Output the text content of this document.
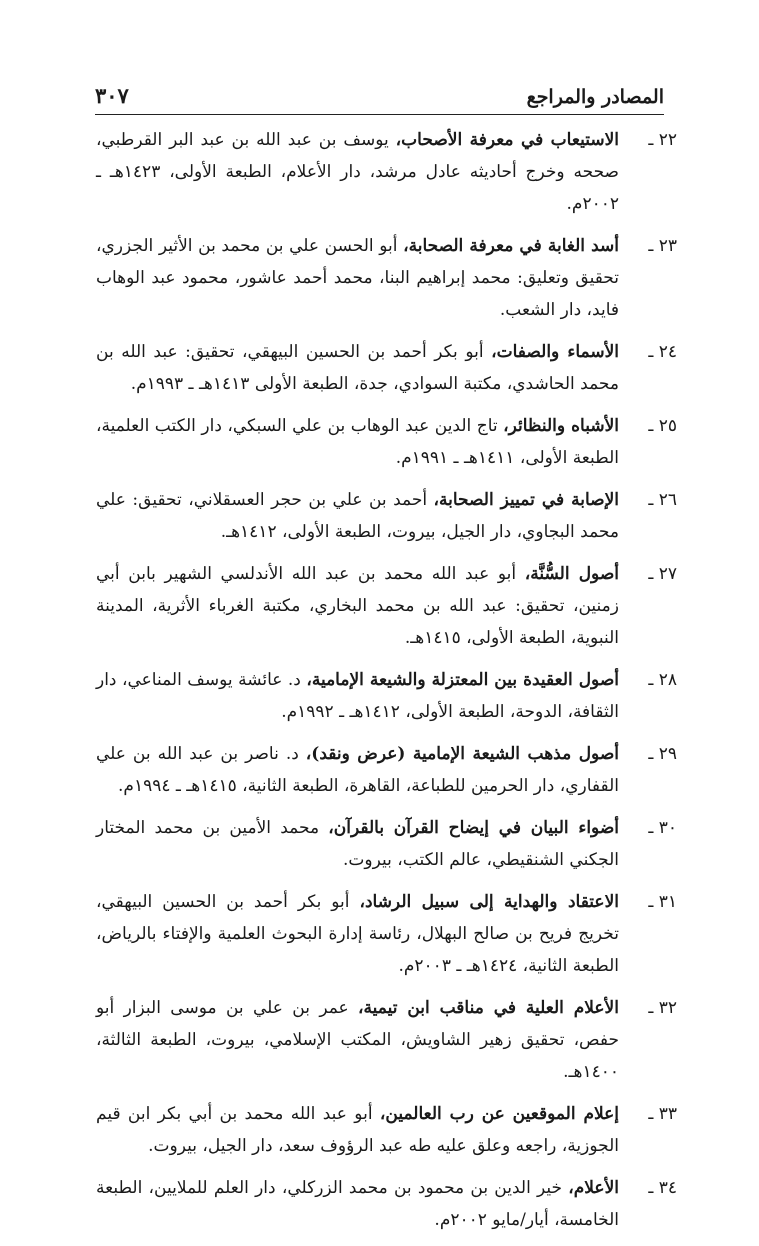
المصادر والمراجع
٣٠٧
٢٢ ـ
الاستيعاب في معرفة الأصحاب، يوسف بن عبد الله بن عبد البر القرطبي، صححه وخرج أحاديثه عادل مرشد، دار الأعلام، الطبعة الأولى، ١٤٢٣هـ ـ ٢٠٠٢م.
٢٣ ـ
أسد الغابة في معرفة الصحابة، أبو الحسن علي بن محمد بن الأثير الجزري، تحقيق وتعليق: محمد إبراهيم البنا، محمد أحمد عاشور، محمود عبد الوهاب فايد، دار الشعب.
٢٤ ـ
الأسماء والصفات، أبو بكر أحمد بن الحسين البيهقي، تحقيق: عبد الله بن محمد الحاشدي، مكتبة السوادي، جدة، الطبعة الأولى ١٤١٣هـ ـ ١٩٩٣م.
٢٥ ـ
الأشباه والنظائر، تاج الدين عبد الوهاب بن علي السبكي، دار الكتب العلمية، الطبعة الأولى، ١٤١١هـ ـ ١٩٩١م.
٢٦ ـ
الإصابة في تمييز الصحابة، أحمد بن علي بن حجر العسقلاني، تحقيق: علي محمد البجاوي، دار الجيل، بيروت، الطبعة الأولى، ١٤١٢هـ.
٢٧ ـ
أصول السُّنَّة، أبو عبد الله محمد بن عبد الله الأندلسي الشهير بابن أبي زمنين، تحقيق: عبد الله بن محمد البخاري، مكتبة الغرباء الأثرية، المدينة النبوية، الطبعة الأولى، ١٤١٥هـ.
٢٨ ـ
أصول العقيدة بين المعتزلة والشيعة الإمامية، د. عائشة يوسف المناعي، دار الثقافة، الدوحة، الطبعة الأولى، ١٤١٢هـ ـ ١٩٩٢م.
٢٩ ـ
أصول مذهب الشيعة الإمامية (عرض ونقد)، د. ناصر بن عبد الله بن علي القفاري، دار الحرمين للطباعة، القاهرة، الطبعة الثانية، ١٤١٥هـ ـ ١٩٩٤م.
٣٠ ـ
أضواء البيان في إيضاح القرآن بالقرآن، محمد الأمين بن محمد المختار الجكني الشنقيطي، عالم الكتب، بيروت.
٣١ ـ
الاعتقاد والهداية إلى سبيل الرشاد، أبو بكر أحمد بن الحسين البيهقي، تخريج فريح بن صالح البهلال، رئاسة إدارة البحوث العلمية والإفتاء بالرياض، الطبعة الثانية، ١٤٢٤هـ ـ ٢٠٠٣م.
٣٢ ـ
الأعلام العلية في مناقب ابن تيمية، عمر بن علي بن موسى البزار أبو حفص، تحقيق زهير الشاويش، المكتب الإسلامي، بيروت، الطبعة الثالثة، ١٤٠٠هـ.
٣٣ ـ
إعلام الموقعين عن رب العالمين، أبو عبد الله محمد بن أبي بكر ابن قيم الجوزية، راجعه وعلق عليه طه عبد الرؤوف سعد، دار الجيل، بيروت.
٣٤ ـ
الأعلام، خير الدين بن محمود بن محمد الزركلي، دار العلم للملايين، الطبعة الخامسة، أيار/مايو ٢٠٠٢م.
